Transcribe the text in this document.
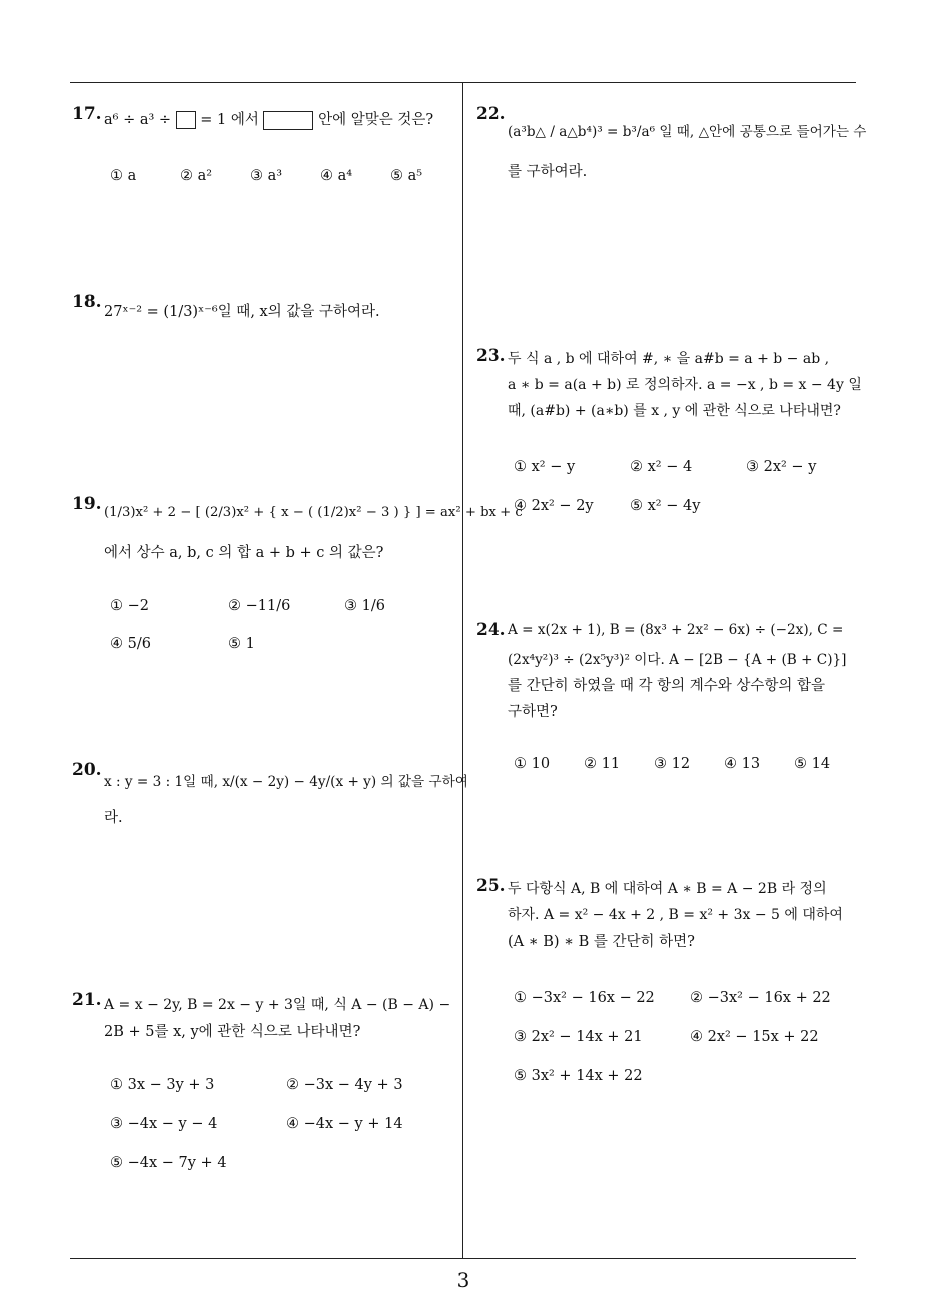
17. a⁶ ÷ a³ ÷ = 1 에서	안에 알맞은 것은?
① a	② a²	③ a³	④ a⁴	⑤ a⁵
18. 27ˣ⁻² = (1/3)ˣ⁻⁶일 때, x의 값을 구하여라.
19. (1/3)x² + 2 − [ (2/3)x² + { x − ( (1/2)x² − 3 ) } ] = ax² + bx + c
에서 상수 a, b, c 의 합 a + b + c 의 값은?
① −2	② −11/6	③ 1/6
④ 5/6	⑤ 1
20.
x : y = 3 : 1일 때, x/(x − 2y) − 4y/(x + y) 의 값을 구하여
라.
21. A = x − 2y, B = 2x − y + 3일 때, 식 A − (B − A) −
2B + 5를 x, y에 관한 식으로 나타내면?
① 3x − 3y + 3	② −3x − 4y + 3
③ −4x − y − 4	④ −4x − y + 14
⑤ −4x − 7y + 4
22.
(a³b△ / a△b⁴)³ = b³/a⁶ 일 때, △안에 공통으로 들어가는 수
를 구하여라.
23. 두 식 a , b 에 대하여 #, ∗ 을 a#b = a + b − ab ,
a ∗ b = a(a + b) 로 정의하자. a = −x , b = x − 4y 일
때, (a#b) + (a∗b) 를 x , y 에 관한 식으로 나타내면?
① x² − y	② x² − 4	③ 2x² − y
④ 2x² − 2y	⑤ x² − 4y
24. A = x(2x + 1), B = (8x³ + 2x² − 6x) ÷ (−2x), C =
(2x⁴y²)³ ÷ (2x⁵y³)² 이다. A − [2B − {A + (B + C)}]
를 간단히 하였을 때 각 항의 계수와 상수항의 합을
구하면?
① 10 ② 11 ③ 12 ④ 13 ⑤ 14
25. 두 다항식 A, B 에 대하여 A ∗ B = A − 2B 라 정의
하자. A = x² − 4x + 2 , B = x² + 3x − 5 에 대하여
(A ∗ B) ∗ B 를 간단히 하면?
① −3x² − 16x − 22 ② −3x² − 16x + 22
③ 2x² − 14x + 21	④ 2x² − 15x + 22
⑤ 3x² + 14x + 22
3
